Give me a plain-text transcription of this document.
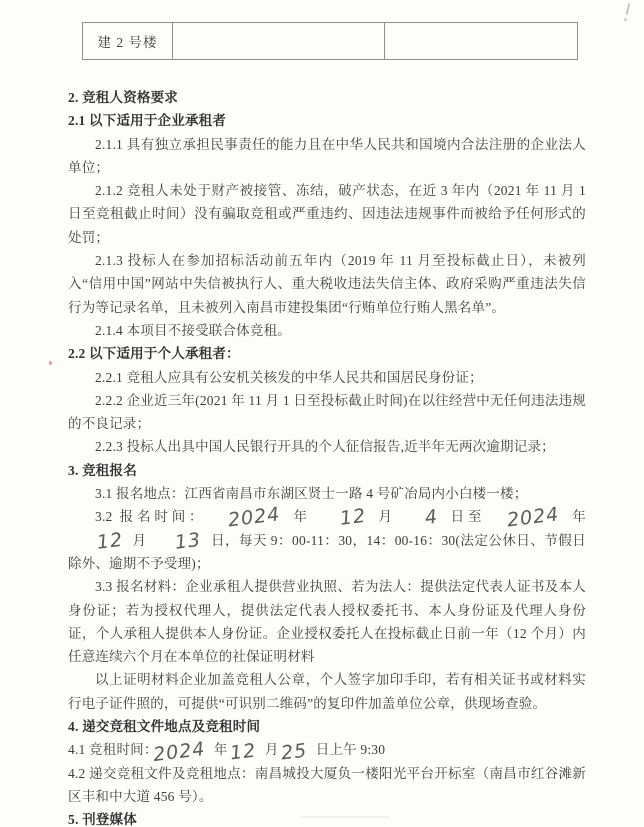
建 2 号楼

2. 竞租人资格要求

2.1 以下适用于企业承租者

2.1.1 具有独立承担民事责任的能力且在中华人民共和国境内合法注册的企业法人单位；

2.1.2 竞租人未处于财产被接管、冻结，破产状态，在近 3 年内（2021 年 11 月 1 日至竞租截止时间）没有骗取竞租或严重违约、因违法违规事件而被给予任何形式的处罚；

2.1.3 投标人在参加招标活动前五年内（2019 年 11 月至投标截止日），未被列入“信用中国”网站中失信被执行人、重大税收违法失信主体、政府采购严重违法失信行为等记录名单，且未被列入南昌市建投集团“行贿单位行贿人黑名单”。

2.1.4 本项目不接受联合体竞租。

2.2 以下适用于个人承租者：

2.2.1 竞租人应具有公安机关核发的中华人民共和国居民身份证；

2.2.2 企业近三年(2021 年 11 月 1 日至投标截止时间)在以往经营中无任何违法违规的不良记录；

2.2.3 投标人出具中国人民银行开具的个人征信报告,近半年无两次逾期记录；

3. 竞租报名

3.1 报名地点：江西省南昌市东湖区贤士一路 4 号矿冶局内小白楼一楼；

3.2 报名时间： 2024 年 12 月 4 日至 2024 年12 月 13 日，每天 9：00-11：30，14：00-16：30(法定公休日、节假日除外、逾期不予受理)；

3.3 报名材料：企业承租人提供营业执照、若为法人：提供法定代表人证书及本人身份证；若为授权代理人，提供法定代表人授权委托书、本人身份证及代理人身份证，个人承租人提供本人身份证。企业授权委托人在投标截止日前一年（12 个月）内任意连续六个月在本单位的社保证明材料

以上证明材料企业加盖竞租人公章，个人签字加印手印，若有相关证书或材料实行电子证件照的，可提供“可识别二维码”的复印件加盖单位公章，供现场查验。

4. 递交竞租文件地点及竞租时间

4.1 竞租时间：2024 年12 月25 日上午 9:30

4.2 递交竞租文件及竞租地点：南昌城投大厦负一楼阳光平台开标室（南昌市红谷滩新区丰和中大道 456 号）。

5. 刊登媒体
